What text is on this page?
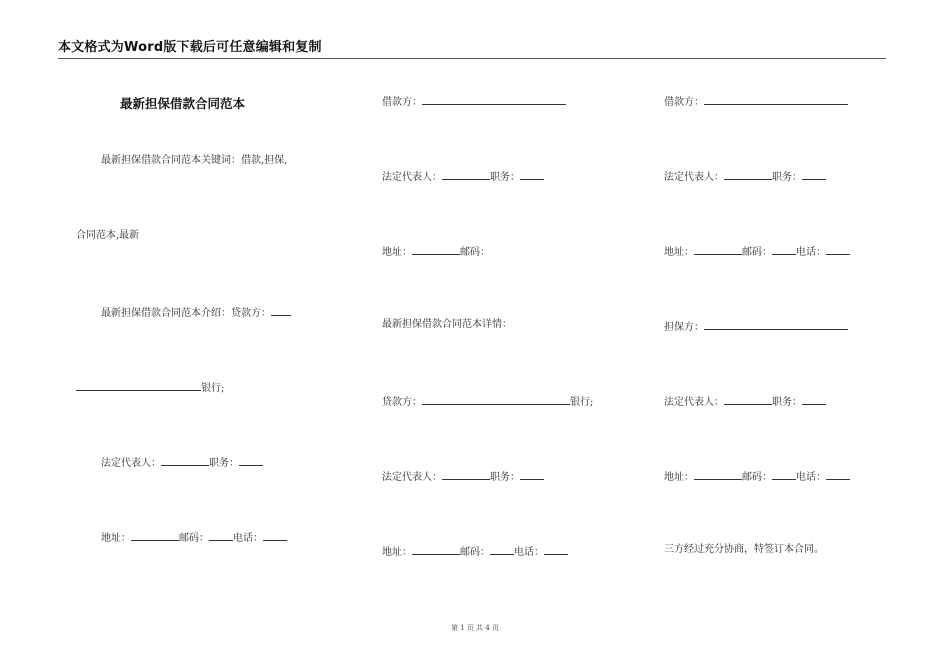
本文格式为Word版下载后可任意编辑和复制
最新担保借款合同范本
最新担保借款合同范本关键词：借款,担保,
合同范本,最新
最新担保借款合同范本介绍：贷款方：
银行;
法定代表人：	职务：
地址：	邮码： 电话：
借款方：
法定代表人：	职务：
地址：	邮码：
最新担保借款合同范本详情：
贷款方：	银行;
法定代表人：	职务：
地址：	邮码： 电话：
借款方：
法定代表人：	职务：
地址：	邮码： 电话：
担保方：
法定代表人：	职务：
地址：	邮码： 电话：
三方经过充分协商，特签订本合同。
第 1 页 共 4 页
